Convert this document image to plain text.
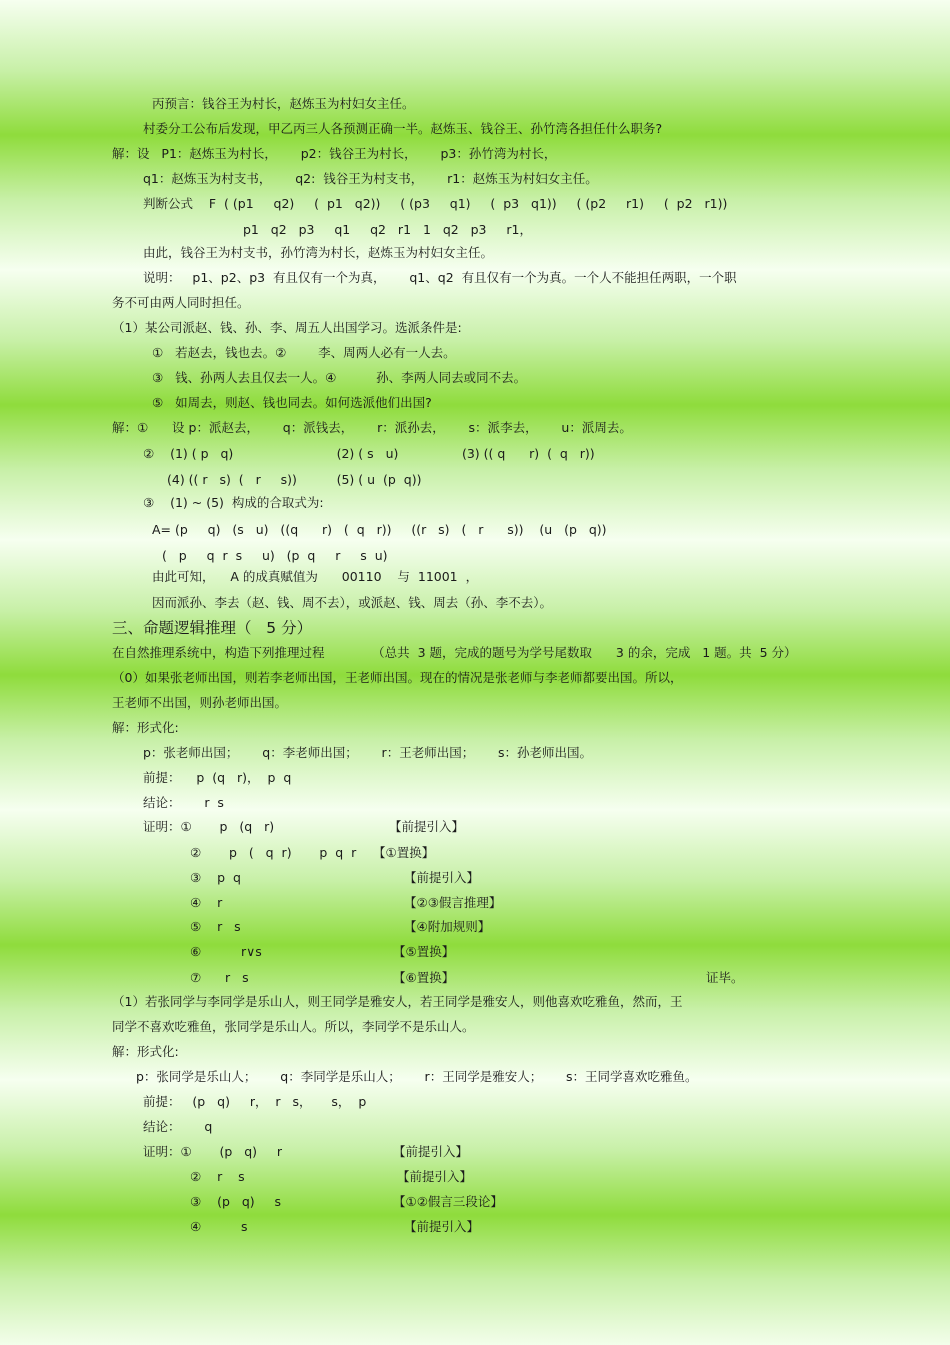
丙预言：钱谷王为村长，赵炼玉为村妇女主任。
村委分工公布后发现，甲乙丙三人各预测正确一半。赵炼玉、钱谷王、孙竹湾各担任什么职务?
解：设   P1：赵炼玉为村长，      p2：钱谷王为村长，      p3：孙竹湾为村长，
q1：赵炼玉为村支书，      q2:  钱谷王为村支书，      r1：赵炼玉为村妇女主任。
判断公式    F  ( (p1     q2)     (  p1   q2))     ( (p3     q1)     (  p3   q1))     ( (p2     r1)     (  p2   r1))
p1   q2   p3     q1     q2   r1   1   q2   p3     r1，
由此，钱谷王为村支书，孙竹湾为村长，赵炼玉为村妇女主任。
说明：   p1、p2、p3  有且仅有一个为真，      q1、q2  有且仅有一个为真。一个人不能担任两职，一个职
务不可由两人同时担任。
（1）某公司派赵、钱、孙、李、周五人出国学习。选派条件是:
①   若赵去，钱也去。②        李、周两人必有一人去。
③   钱、孙两人去且仅去一人。④          孙、李两人同去或同不去。
⑤   如周去，则赵、钱也同去。如何选派他们出国?
解：①      设 p：派赵去，      q：派钱去，      r：派孙去，      s：派李去，      u：派周去。
②    (1) ( p   q)                          (2) ( s   u)                (3) (( q      r)  (  q   r))
(4) (( r   s)  (   r     s))          (5) ( u  (p  q))
③    (1) ~ (5)  构成的合取式为:
A= (p     q)   (s   u)   ((q      r)   (  q   r))     ((r   s)   (   r      s))    (u   (p   q))
(   p     q  r  s     u)   (p  q     r     s  u)
由此可知，    A 的成真赋值为      00110    与  11001  ，
因而派孙、李去（赵、钱、周不去），或派赵、钱、周去（孙、李不去）。
三、命题逻辑推理（   5 分）
在自然推理系统中，构造下列推理过程            （总共  3 题，完成的题号为学号尾数取      3 的余，完成   1 题。共  5 分）
（0）如果张老师出国，则若李老师出国，王老师出国。现在的情况是张老师与李老师都要出国。所以，
王老师不出国，则孙老师出国。
解：形式化:
p：张老师出国；      q：李老师出国；      r：王老师出国；      s：孙老师出国。
前提：    p  (q   r)，  p  q
结论：      r  s
证明：①       p   (q   r)	【前提引入】
②       p   (   q  r)       p  q  r 【①置换】
③    p  q	【前提引入】
④    r	【②③假言推理】
⑤    r   s	【④附加规则】
⑥          r∨s	【⑤置换】
⑦      r   s	【⑥置换】	证毕。
（1）若张同学与李同学是乐山人，则王同学是雅安人，若王同学是雅安人，则他喜欢吃雅鱼，然而，王
同学不喜欢吃雅鱼，张同学是乐山人。所以，李同学不是乐山人。
解：形式化:
p：张同学是乐山人；      q：李同学是乐山人；      r：王同学是雅安人；      s：王同学喜欢吃雅鱼。
前提：   (p   q)     r，  r   s，     s，  p
结论：      q
证明：①       (p   q)     r	【前提引入】
②    r    s	【前提引入】
③    (p   q)     s	【①②假言三段论】
④          s	【前提引入】
